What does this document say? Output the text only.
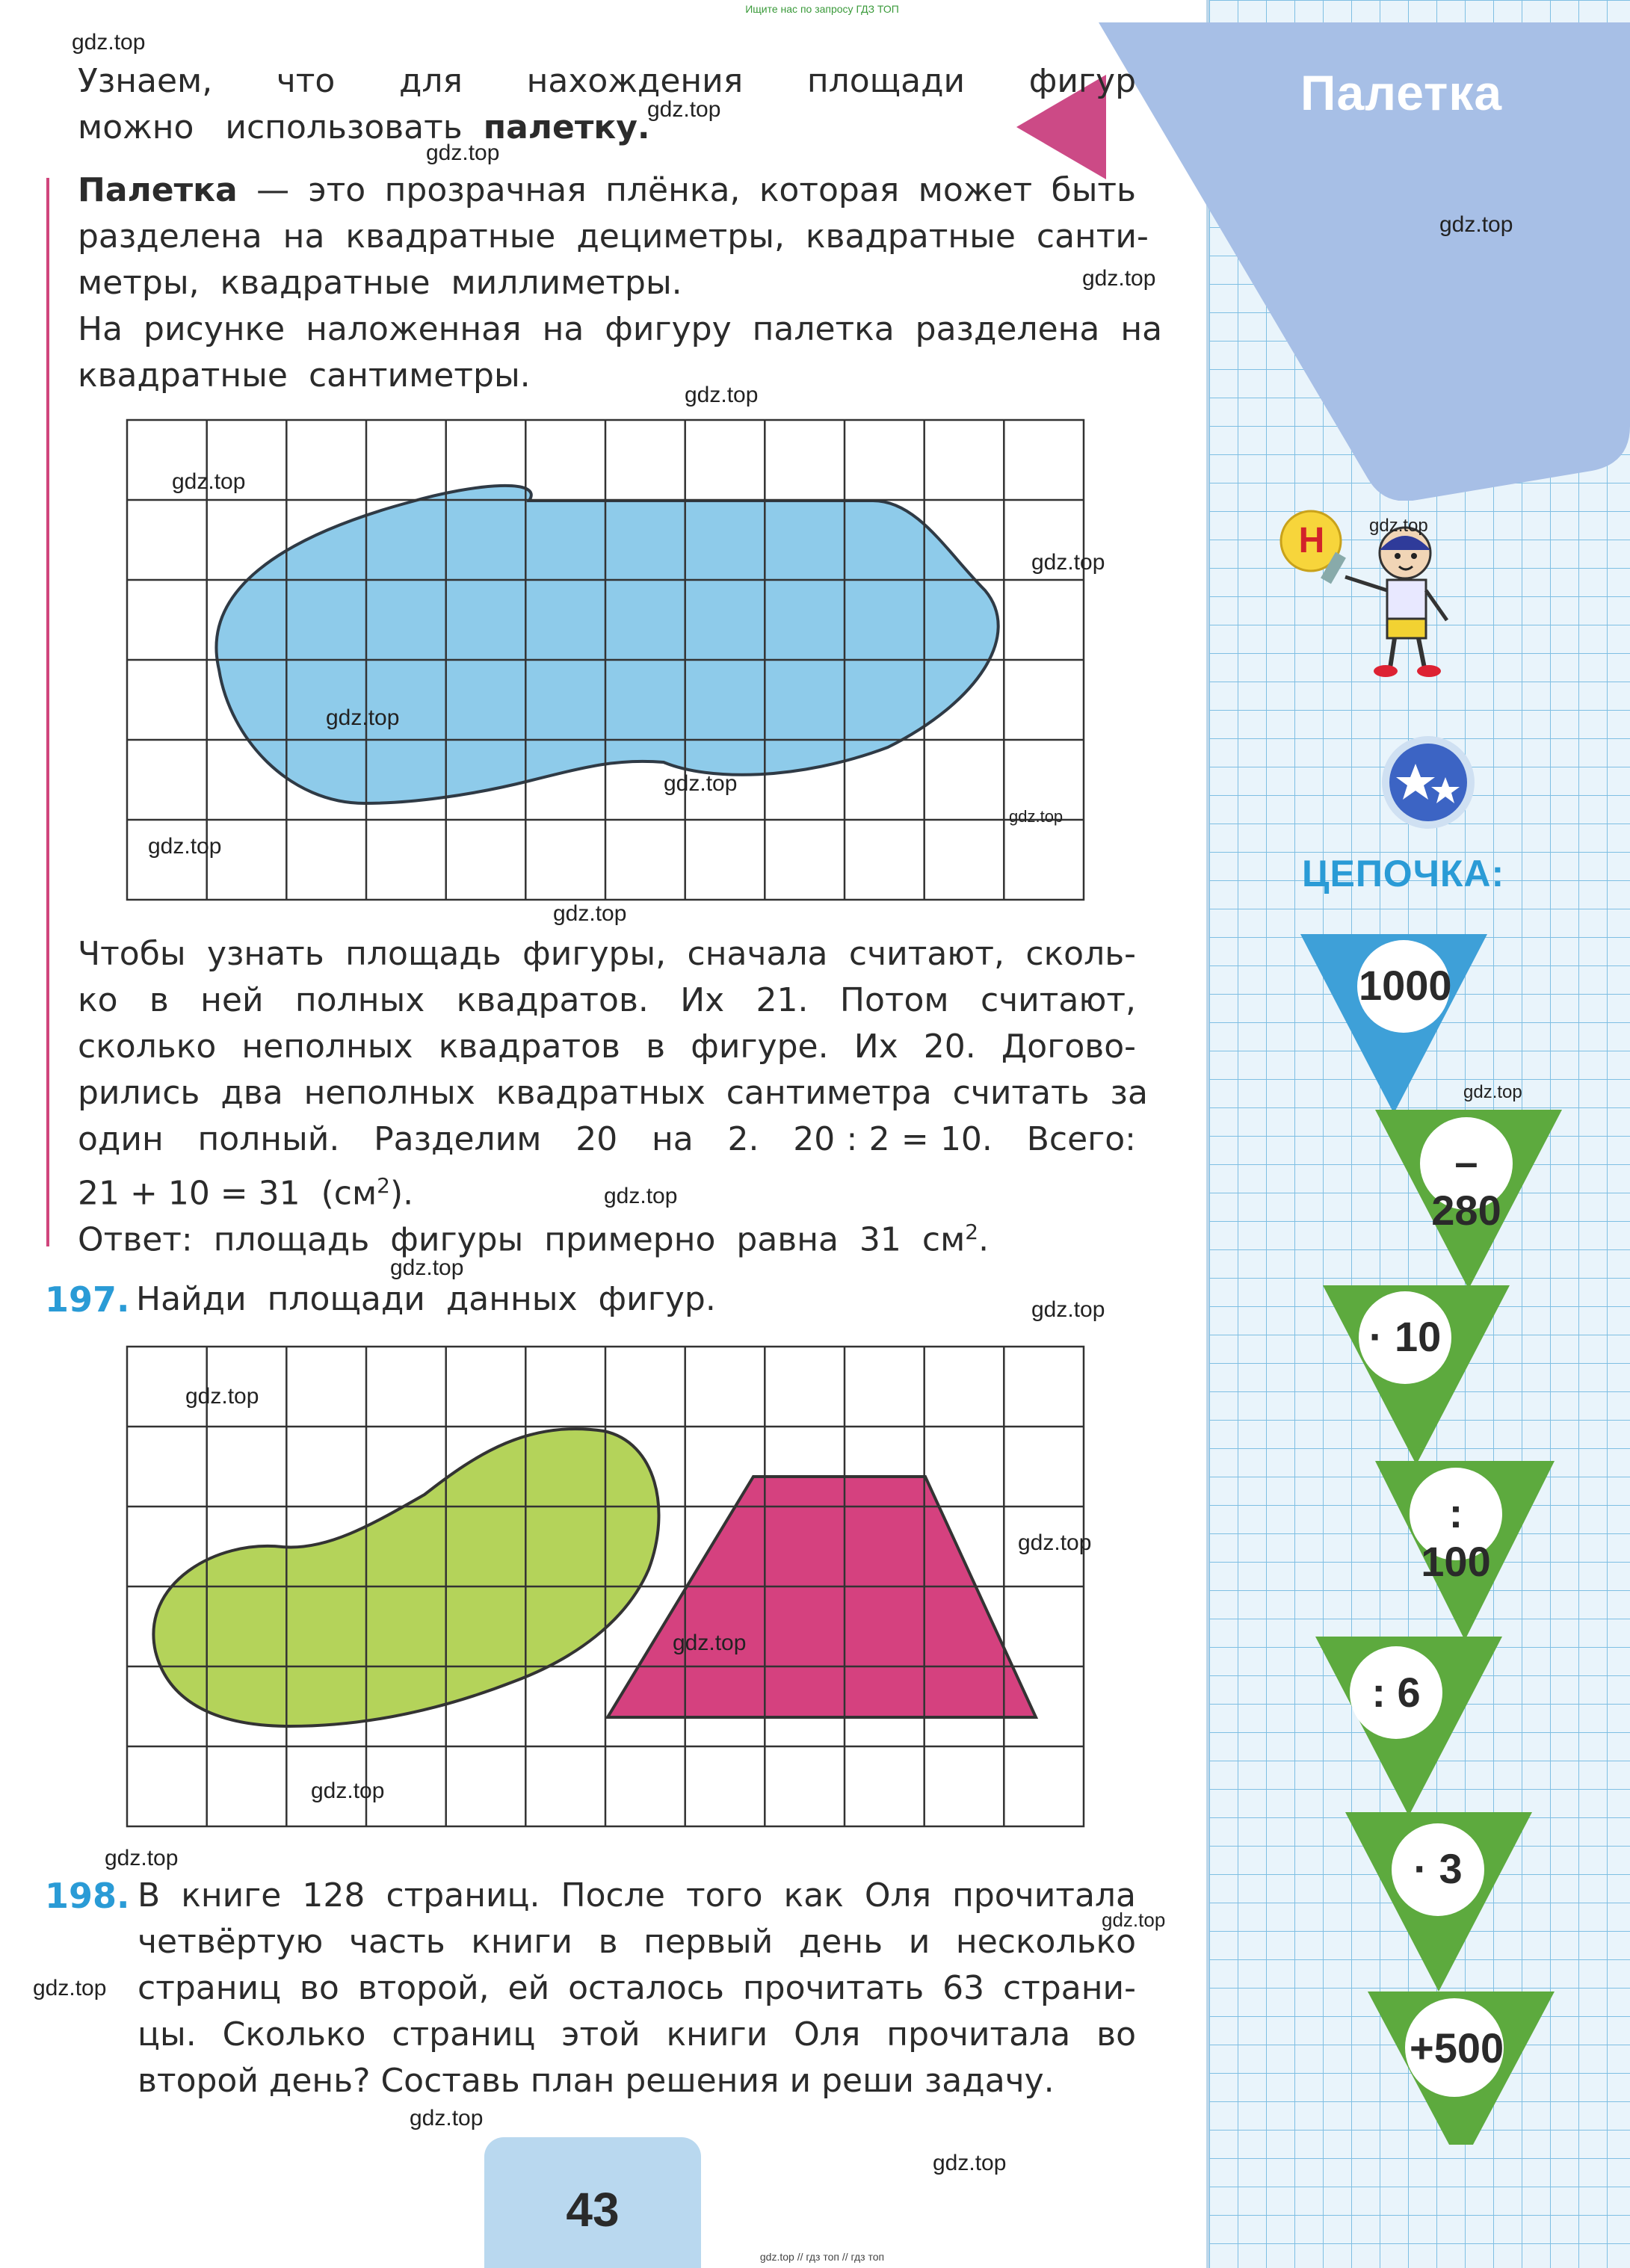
Ищите нас по запросу ГДЗ ТОП
Палетка
Узнаем,   что   для   нахождения   площади   фигур
можно   использовать  палетку.
Палетка — это прозрачная плёнка, которая может быть
разделена  на  квадратные  дециметры,  квадратные  санти-
метры,  квадратные  миллиметры.
На  рисунке  наложенная  на  фигуру  палетка  разделена  на
квадратные  сантиметры.
Чтобы  узнать  площадь  фигуры,  сначала  считают,  сколь-
ко  в  ней  полных  квадратов.  Их  21.  Потом  считают,
сколько  неполных  квадратов  в  фигуре.  Их  20.  Догово-
рились  два  неполных  квадратных  сантиметра  считать  за
один   полный.   Разделим   20   на   2.   20 : 2 = 10.   Всего:
21 + 10 = 31  $(см^2)$.
Ответ:  площадь  фигуры  примерно  равна  31  $см^2$.
197. Найди  площади  данных  фигур.
198. В книге 128 страниц. После того как Оля прочитала
четвёртую часть книги в первый день и несколько
страниц во второй, ей осталось прочитать 63 страни-
цы. Сколько страниц этой книги Оля прочитала во
второй день? Составь план решения и реши задачу.
43
Н
ЦЕПОЧКА:
1000
–280
· 10
: 100
: 6
· 3
+500
gdz.top
gdz.top
gdz.top
gdz.top
gdz.top
gdz.top
gdz.top
gdz.top
gdz.top
gdz.top
gdz.top
gdz.top
gdz.top
gdz.top
gdz.top
gdz.top
gdz.top
gdz.top
gdz.top
gdz.top
gdz.top
gdz.top
gdz.top
gdz.top
gdz.top
gdz.top
gdz.top
gdz.top // гдз топ // гдз топ
